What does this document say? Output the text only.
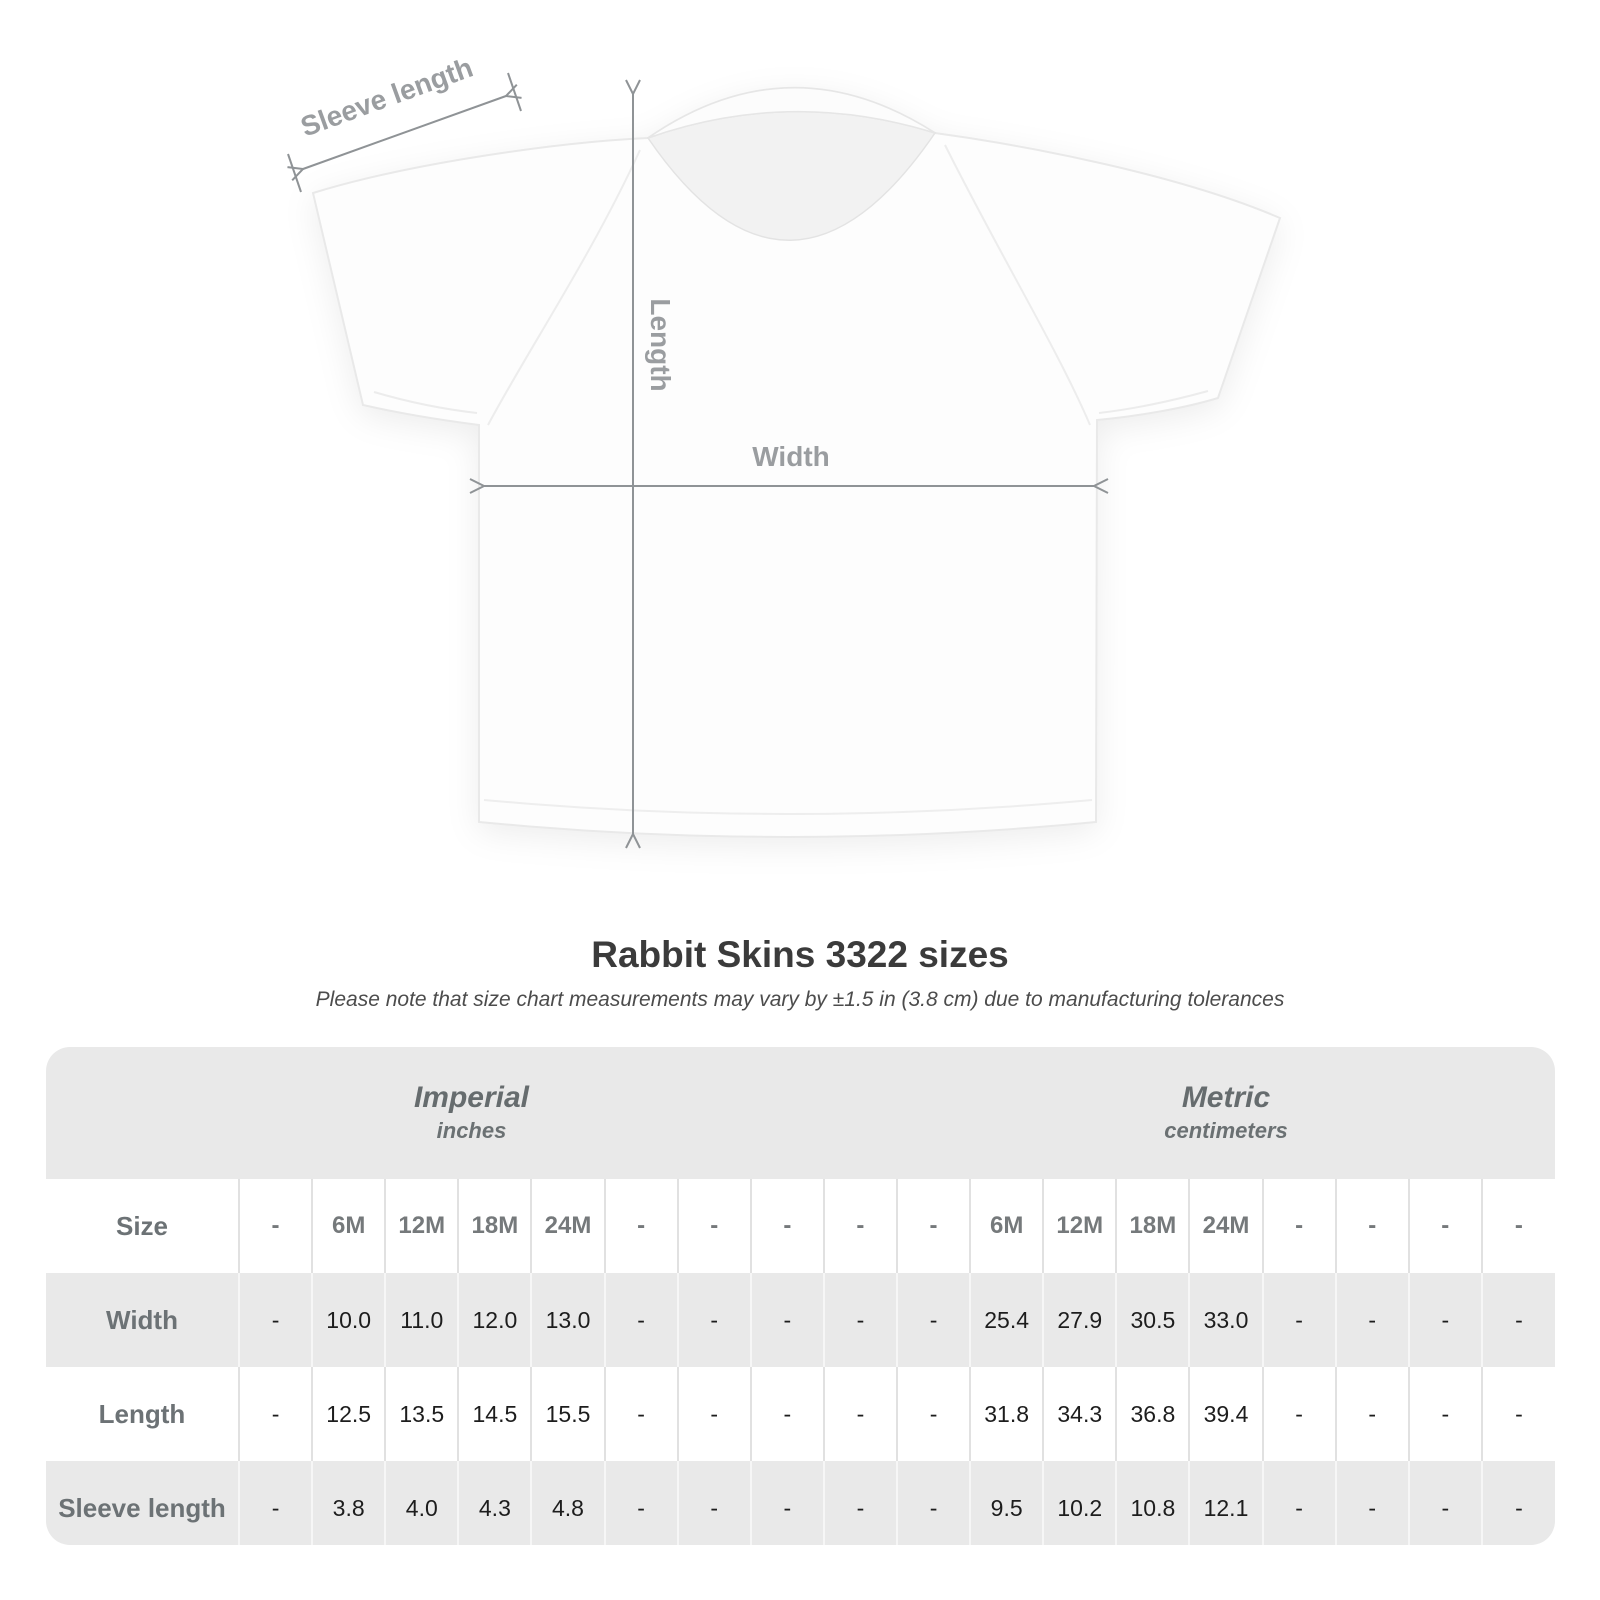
Sleeve length
Length
Width
Rabbit Skins 3322 sizes
Please note that size chart measurements may vary by ±1.5 in (3.8 cm) due to manufacturing tolerances
Imperial
inches										Metric
centimeters								

Size	-	6M	12M	18M	24M	-	-	-	-	-	6M	12M	18M	24M	-	-	-	-
Width	-	10.0	11.0	12.0	13.0	-	-	-	-	-	25.4	27.9	30.5	33.0	-	-	-	-
Length	-	12.5	13.5	14.5	15.5	-	-	-	-	-	31.8	34.3	36.8	39.4	-	-	-	-
Sleeve length	-	3.8	4.0	4.3	4.8	-	-	-	-	-	9.5	10.2	10.8	12.1	-	-	-	-
